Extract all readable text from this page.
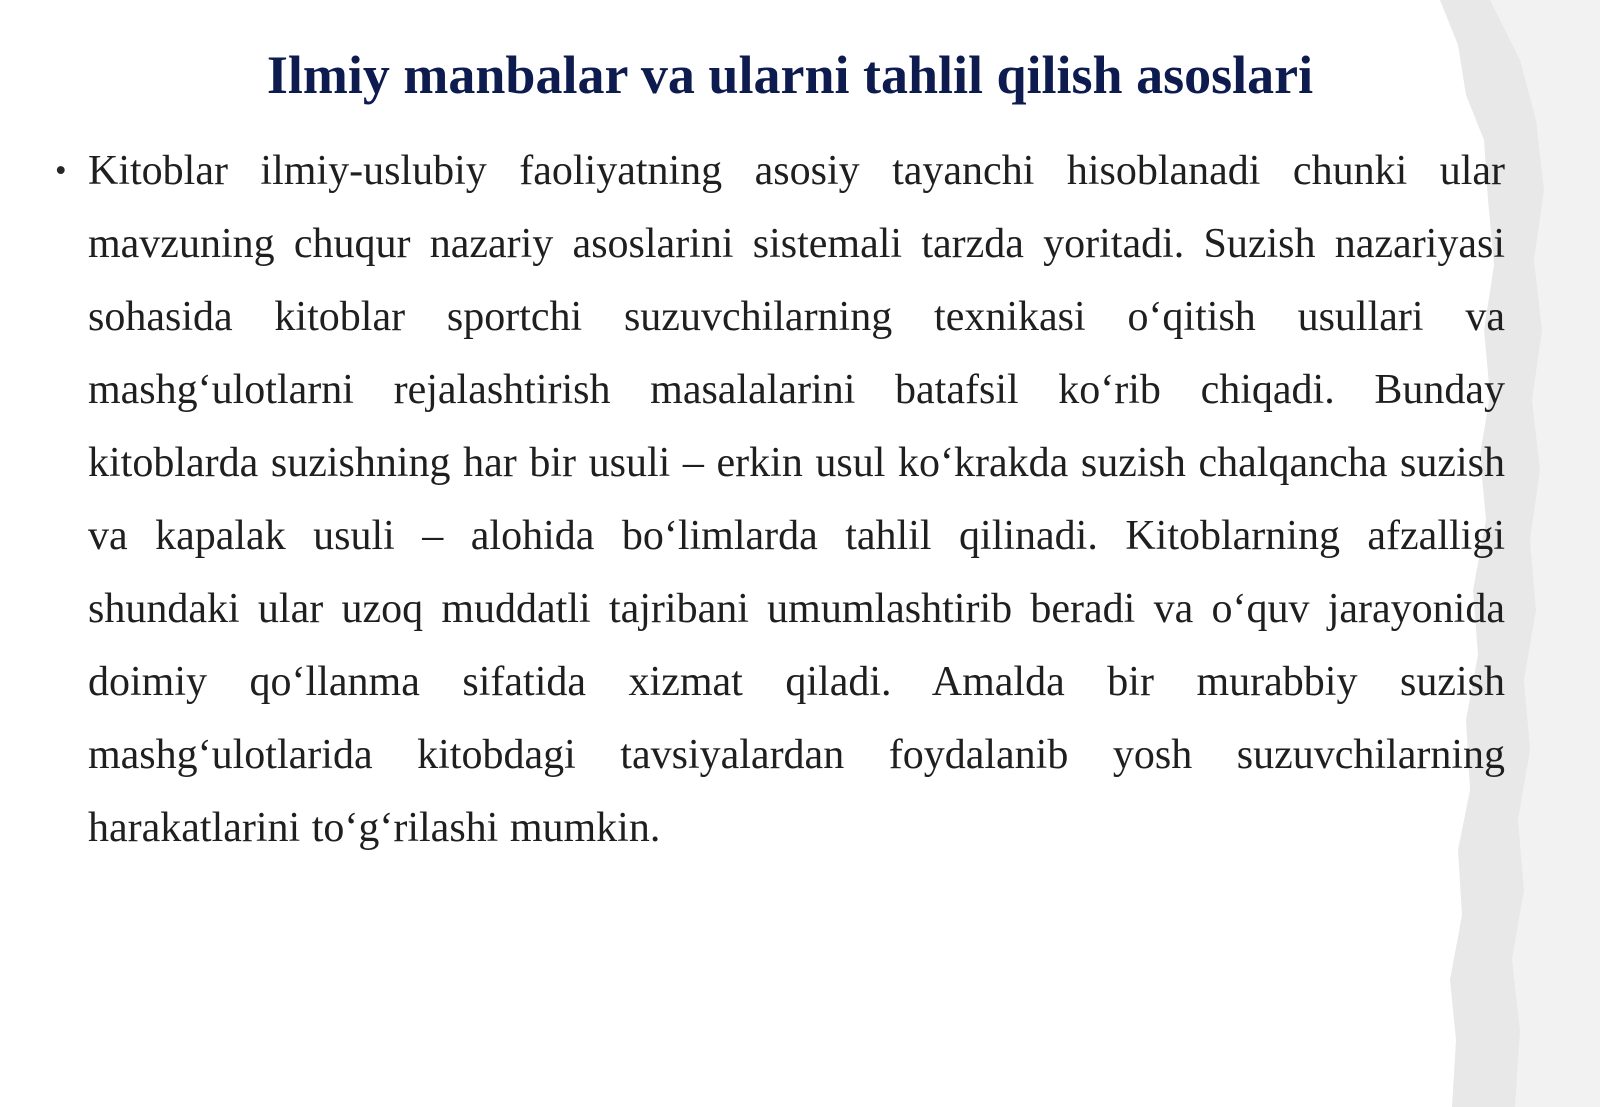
Ilmiy manbalar va ularni tahlil qilish asoslari
• Kitoblar ilmiy-uslubiy faoliyatning asosiy tayanchi hisoblanadi chunki ular mavzuning chuqur nazariy asoslarini sistemali tarzda yoritadi. Suzish nazariyasi sohasida kitoblar sportchi suzuvchilarning texnikasi o‘qitish usullari va mashg‘ulotlarni rejalashtirish masalalarini batafsil ko‘rib chiqadi. Bunday kitoblarda suzishning har bir usuli – erkin usul ko‘krakda suzish chalqancha suzish va kapalak usuli – alohida bo‘limlarda tahlil qilinadi. Kitoblarning afzalligi shundaki ular uzoq muddatli tajribani umumlashtirib beradi va o‘quv jarayonida doimiy qo‘llanma sifatida xizmat qiladi. Amalda bir murabbiy suzish mashg‘ulotlarida kitobdagi tavsiyalardan foydalanib yosh suzuvchilarning harakatlarini to‘g‘rilashi mumkin.
